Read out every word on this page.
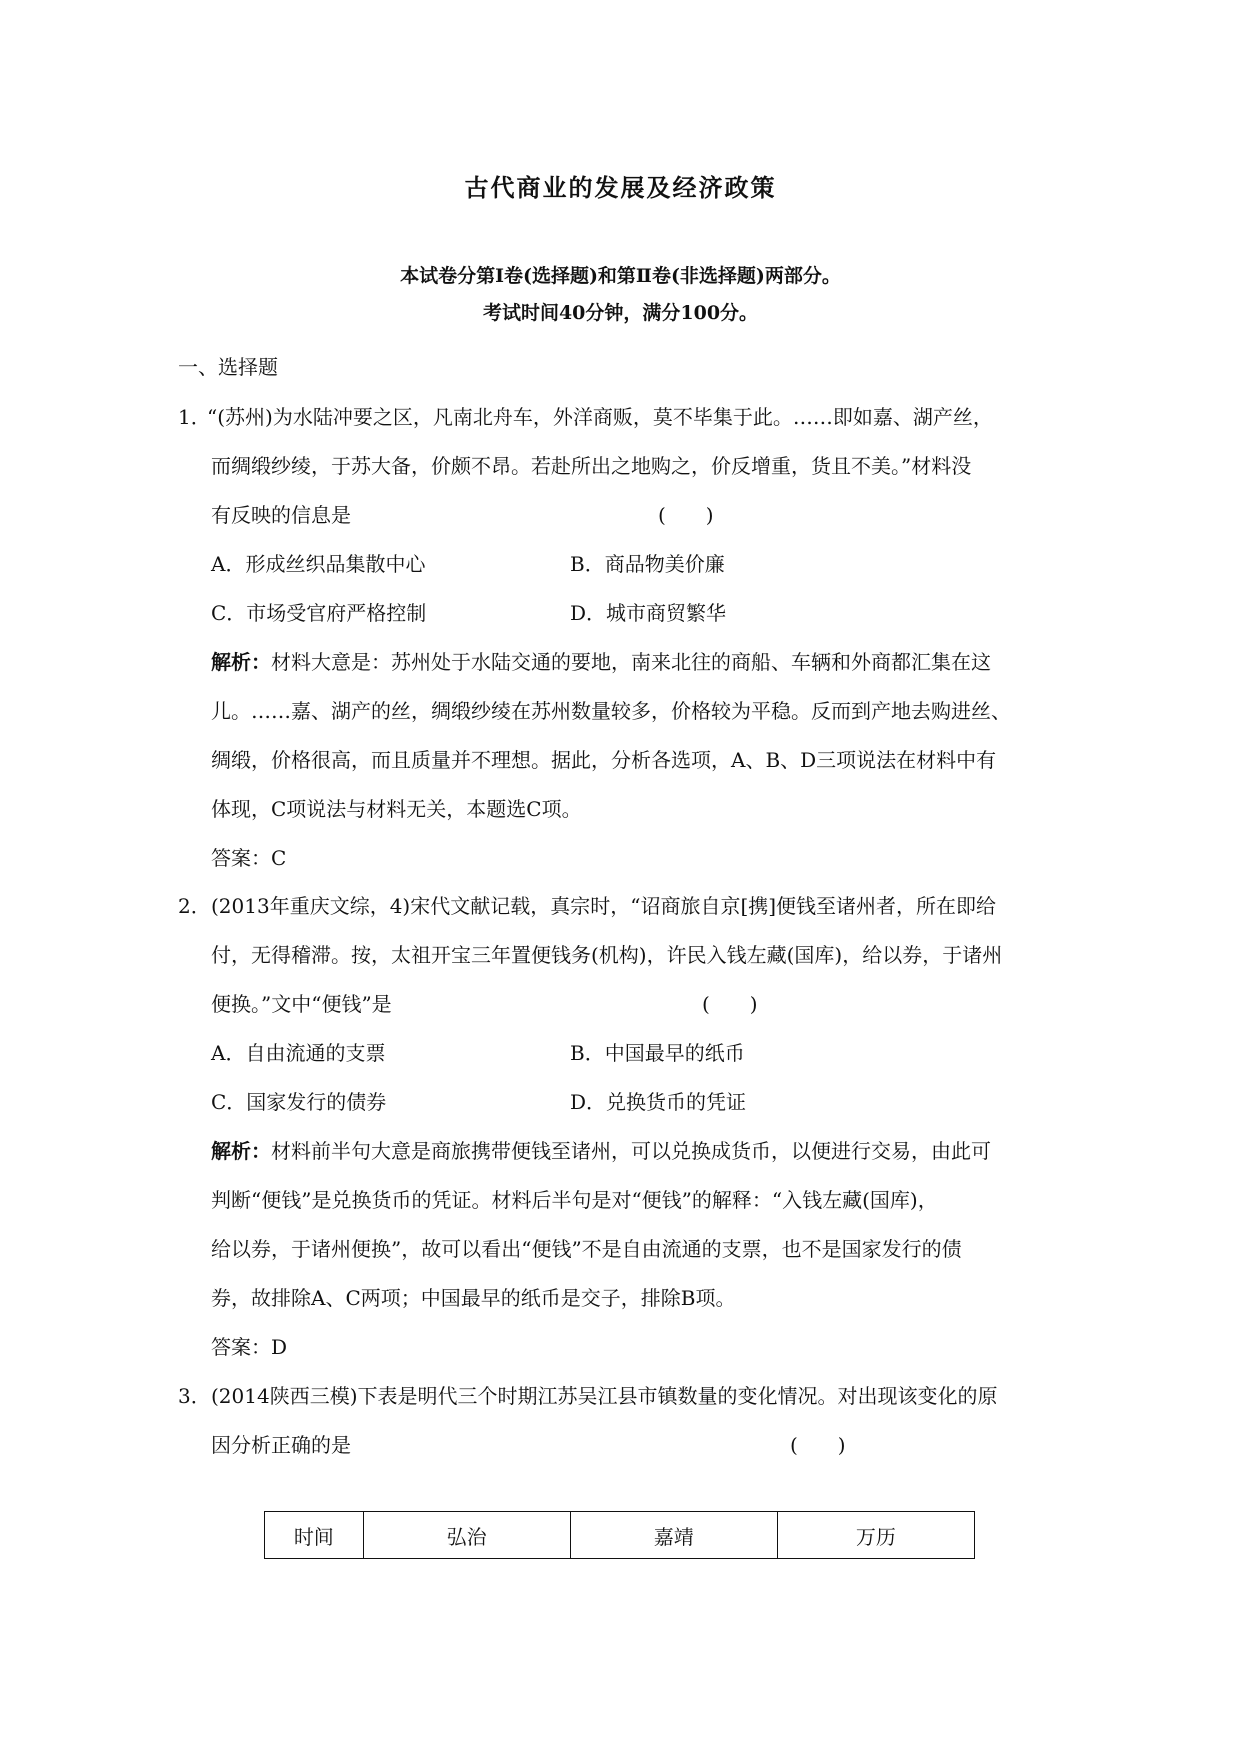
古代商业的发展及经济政策
本试卷分第Ⅰ卷(选择题)和第Ⅱ卷(非选择题)两部分。
考试时间40分钟，满分100分。
一、选择题
1．
“(苏州)为水陆冲要之区，凡南北舟车，外洋商贩，莫不毕集于此。……即如嘉、湖产丝，
而绸缎纱绫，于苏大备，价颇不昂。若赴所出之地购之，价反增重，货且不美。”材料没
有反映的信息是	(　　)
A．形成丝织品集散中心	B．商品物美价廉
C．市场受官府严格控制	D．城市商贸繁华
解析：材料大意是：苏州处于水陆交通的要地，南来北往的商船、车辆和外商都汇集在这
儿。……嘉、湖产的丝，绸缎纱绫在苏州数量较多，价格较为平稳。反而到产地去购进丝、
绸缎，价格很高，而且质量并不理想。据此，分析各选项，A、B、D三项说法在材料中有
体现，C项说法与材料无关，本题选C项。
答案：C
2． (2013年重庆文综，4)宋代文献记载，真宗时，“诏商旅自京[携]便钱至诸州者，所在即给
付，无得稽滞。按，太祖开宝三年置便钱务(机构)，许民入钱左藏(国库)，给以券，于诸州
便换。”文中“便钱”是	(　　)
A．自由流通的支票	B．中国最早的纸币
C．国家发行的债券	D．兑换货币的凭证
解析：材料前半句大意是商旅携带便钱至诸州，可以兑换成货币，以便进行交易，由此可
判断“便钱”是兑换货币的凭证。材料后半句是对“便钱”的解释：“入钱左藏(国库)，
给以券，于诸州便换”，故可以看出“便钱”不是自由流通的支票，也不是国家发行的债
券，故排除A、C两项；中国最早的纸币是交子，排除B项。
答案：D
3． (2014陕西三模)下表是明代三个时期江苏吴江县市镇数量的变化情况。对出现该变化的原
因分析正确的是	(　　)
时间	弘治	嘉靖	万历
